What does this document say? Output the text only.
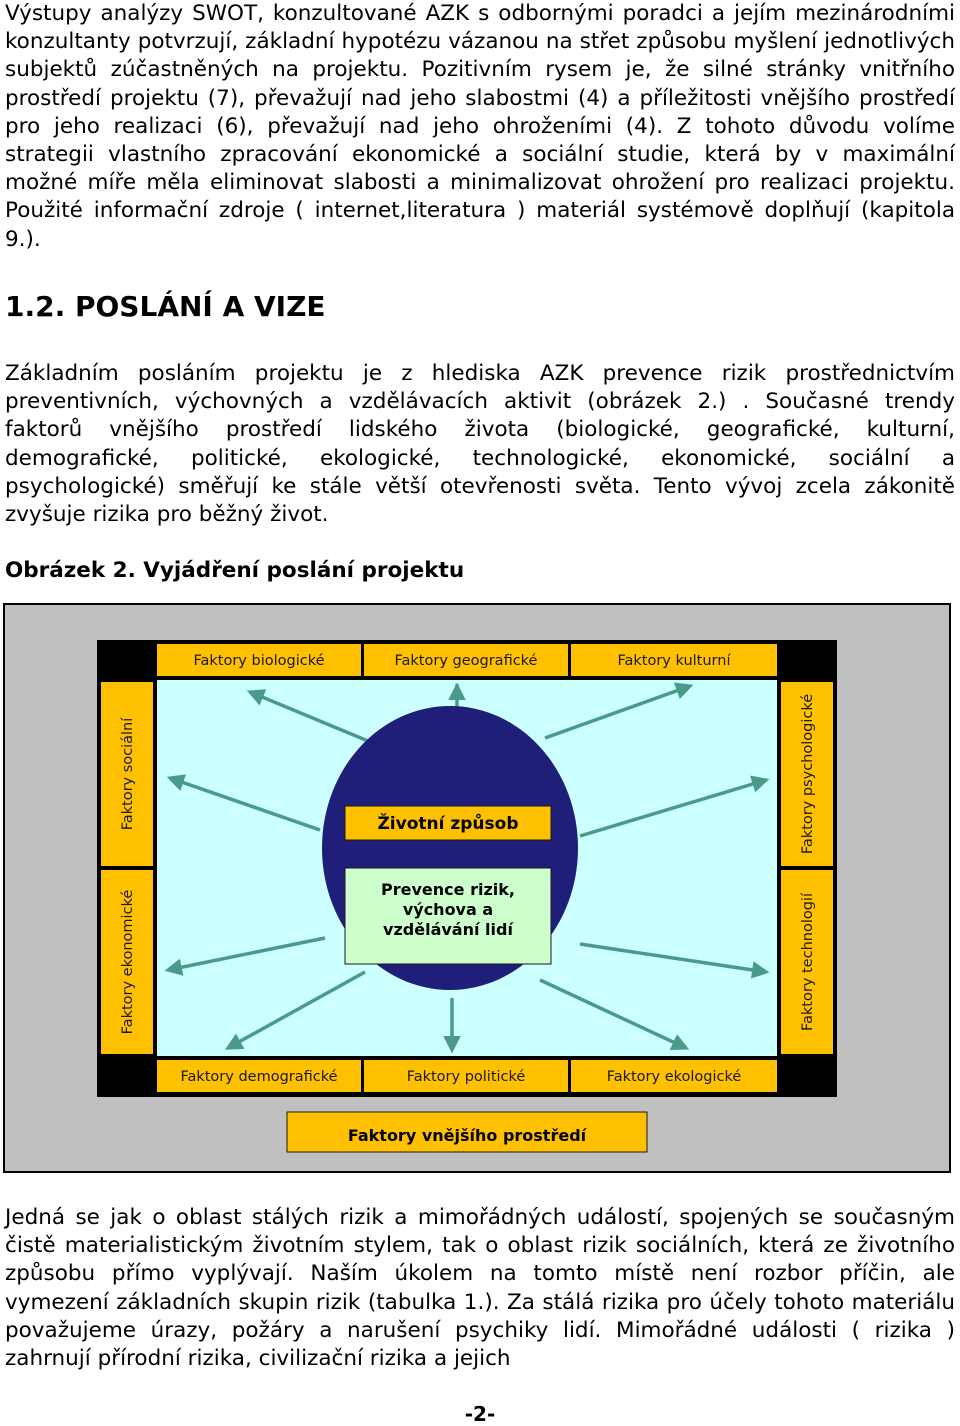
Výstupy analýzy SWOT, konzultované AZK s odbornými poradci a jejím mezinárodními konzultanty potvrzují, základní hypotézu vázanou na střet způsobu myšlení jednotlivých subjektů zúčastněných na projektu. Pozitivním rysem je, že silné stránky vnitřního prostředí projektu (7), převažují nad jeho slabostmi (4) a příležitosti vnějšího prostředí pro jeho realizaci (6), převažují nad jeho ohroženími (4). Z tohoto důvodu volíme strategii vlastního zpracování ekonomické a sociální studie, která by v maximální možné míře měla eliminovat slabosti a minimalizovat ohrožení pro realizaci projektu. Použité informační zdroje ( internet,literatura ) materiál systémově doplňují (kapitola 9.).

1.2. POSLÁNÍ A VIZE

Základním posláním projektu je z hlediska AZK prevence rizik prostřednictvím preventivních, výchovných a vzdělávacích aktivit (obrázek 2.) . Současné trendy faktorů vnějšího prostředí lidského života (biologické, geografické, kulturní, demografické, politické, ekologické, technologické, ekonomické, sociální a psychologické) směřují ke stále větší otevřenosti světa. Tento vývoj zcela zákonitě zvyšuje rizika pro běžný život.

Obrázek 2. Vyjádření poslání projektu
Faktory biologické	Faktory geografické	Faktory kulturní
Faktory demografické	Faktory politické	Faktory ekologické
Faktory sociální
Faktory ekonomické
Faktory psychologické
Faktory technologií
Životní způsob
Prevence rizik,
výchova a
vzdělávání lidí
Faktory vnějšího prostředí

Jedná se jak o oblast stálých rizik a mimořádných událostí, spojených se současným čistě materialistickým životním stylem, tak o oblast rizik sociálních, která ze životního způsobu přímo vyplývají. Naším úkolem na tomto místě není rozbor příčin, ale vymezení základních skupin rizik (tabulka 1.). Za stálá rizika pro účely tohoto materiálu považujeme úrazy, požáry a narušení psychiky lidí. Mimořádné události ( rizika ) zahrnují přírodní rizika, civilizační rizika a jejich

-2-
